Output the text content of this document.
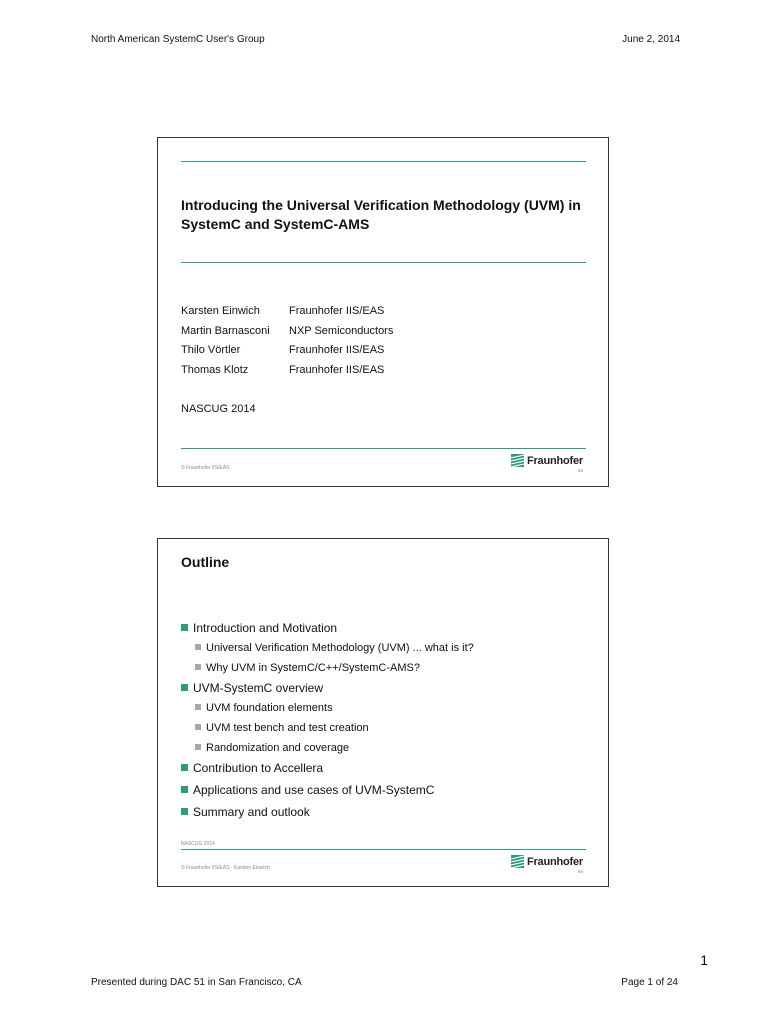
North American SystemC User's Group	June 2, 2014
Introducing the Universal Verification Methodology (UVM) in SystemC and SystemC-AMS
Karsten Einwich	Fraunhofer IIS/EAS
Martin Barnasconi	NXP Semiconductors
Thilo Vörtler	Fraunhofer IIS/EAS
Thomas Klotz	Fraunhofer IIS/EAS
NASCUG 2014
© Fraunhofer IIS/EAS
Fraunhofer
IIS
Outline
Introduction and Motivation
Universal Verification Methodology (UVM) ... what is it?
Why UVM in SystemC/C++/SystemC-AMS?
UVM-SystemC overview
UVM foundation elements
UVM test bench and test creation
Randomization and coverage
Contribution to Accellera
Applications and use cases of UVM-SystemC
Summary and outlook
NASCUG 2014
© Fraunhofer IIS/EAS · Karsten Einwich
Fraunhofer
IIS
1
Presented during DAC 51 in San Francisco, CA	Page 1 of 24
